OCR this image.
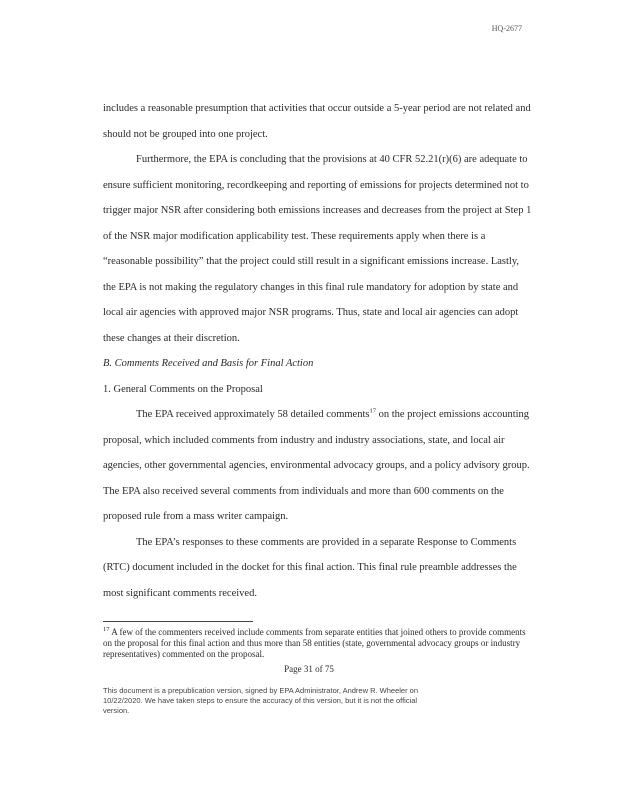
HQ-2677

includes a reasonable presumption that activities that occur outside a 5-year period are not related and should not be grouped into one project.

Furthermore, the EPA is concluding that the provisions at 40 CFR 52.21(r)(6) are adequate to ensure sufficient monitoring, recordkeeping and reporting of emissions for projects determined not to trigger major NSR after considering both emissions increases and decreases from the project at Step 1 of the NSR major modification applicability test. These requirements apply when there is a “reasonable possibility” that the project could still result in a significant emissions increase. Lastly, the EPA is not making the regulatory changes in this final rule mandatory for adoption by state and local air agencies with approved major NSR programs. Thus, state and local air agencies can adopt these changes at their discretion.

B. Comments Received and Basis for Final Action

1. General Comments on the Proposal

The EPA received approximately 58 detailed comments$^{17}$ on the project emissions accounting proposal, which included comments from industry and industry associations, state, and local air agencies, other governmental agencies, environmental advocacy groups, and a policy advisory group. The EPA also received several comments from individuals and more than 600 comments on the proposed rule from a mass writer campaign.

The EPA’s responses to these comments are provided in a separate Response to Comments (RTC) document included in the docket for this final action. This final rule preamble addresses the most significant comments received.

$^{17}$ A few of the commenters received include comments from separate entities that joined others to provide comments on the proposal for this final action and thus more than 58 entities (state, governmental advocacy groups or industry representatives) commented on the proposal.

Page 31 of 75

This document is a prepublication version, signed by EPA Administrator, Andrew R. Wheeler on 10/22/2020. We have taken steps to ensure the accuracy of this version, but it is not the official version.
